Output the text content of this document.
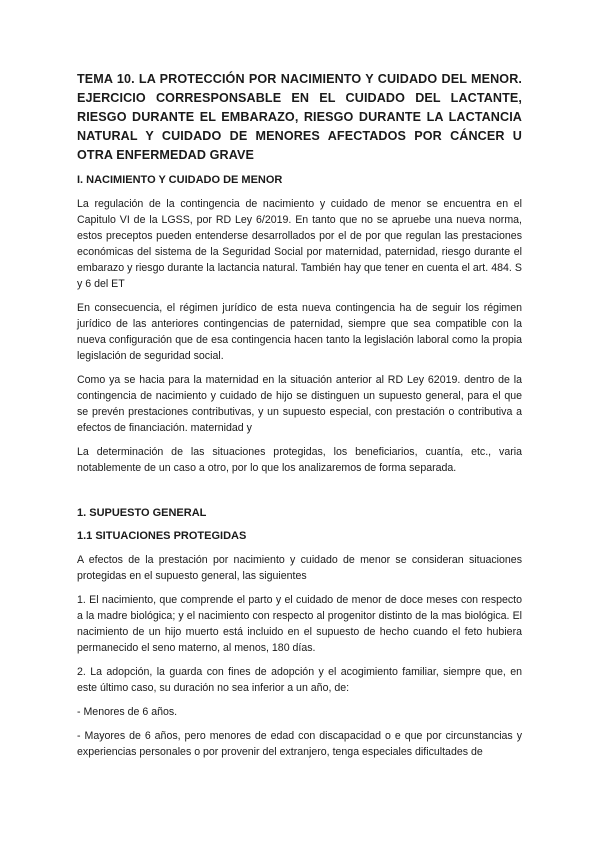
TEMA 10. LA PROTECCIÓN POR NACIMIENTO Y CUIDADO DEL MENOR. EJERCICIO CORRESPONSABLE EN EL CUIDADO DEL LACTANTE, RIESGO DURANTE EL EMBARAZO, RIESGO DURANTE LA LACTANCIA NATURAL Y CUIDADO DE MENORES AFECTADOS POR CÁNCER U OTRA ENFERMEDAD GRAVE
I. NACIMIENTO Y CUIDADO DE MENOR

La regulación de la contingencia de nacimiento y cuidado de menor se encuentra en el Capitulo VI de la LGSS, por RD Ley 6/2019. En tanto que no se apruebe una nueva norma, estos preceptos pueden entenderse desarrollados por el de por que regulan las prestaciones económicas del sistema de la Seguridad Social por maternidad, paternidad, riesgo durante el embarazo y riesgo durante la lactancia natural. También hay que tener en cuenta el art. 484. S y 6 del ET

En consecuencia, el régimen jurídico de esta nueva contingencia ha de seguir los régimen jurídico de las anteriores contingencias de paternidad, siempre que sea compatible con la nueva configuración que de esa contingencia hacen tanto la legislación laboral como la propia legislación de seguridad social.

Como ya se hacia para la maternidad en la situación anterior al RD Ley 62019. dentro de la contingencia de nacimiento y cuidado de hijo se distinguen un supuesto general, para el que se prevén prestaciones contributivas, y un supuesto especial, con prestación o contributiva a efectos de financiación. maternidad y

La determinación de las situaciones protegidas, los beneficiarios, cuantía, etc., varia notablemente de un caso a otro, por lo que los analizaremos de forma separada.

1. SUPUESTO GENERAL
1.1 SITUACIONES PROTEGIDAS

A efectos de la prestación por nacimiento y cuidado de menor se consideran situaciones protegidas en el supuesto general, las siguientes

1. El nacimiento, que comprende el parto y el cuidado de menor de doce meses con respecto a la madre biológica; y el nacimiento con respecto al progenitor distinto de la mas biológica. El nacimiento de un hijo muerto está incluido en el supuesto de hecho cuando el feto hubiera permanecido el seno materno, al menos, 180 días.

2. La adopción, la guarda con fines de adopción y el acogimiento familiar, siempre que, en este último caso, su duración no sea inferior a un año, de:

- Menores de 6 años.

- Mayores de 6 años, pero menores de edad con discapacidad o e que por circunstancias y experiencias personales o por provenir del extranjero, tenga especiales dificultades de
